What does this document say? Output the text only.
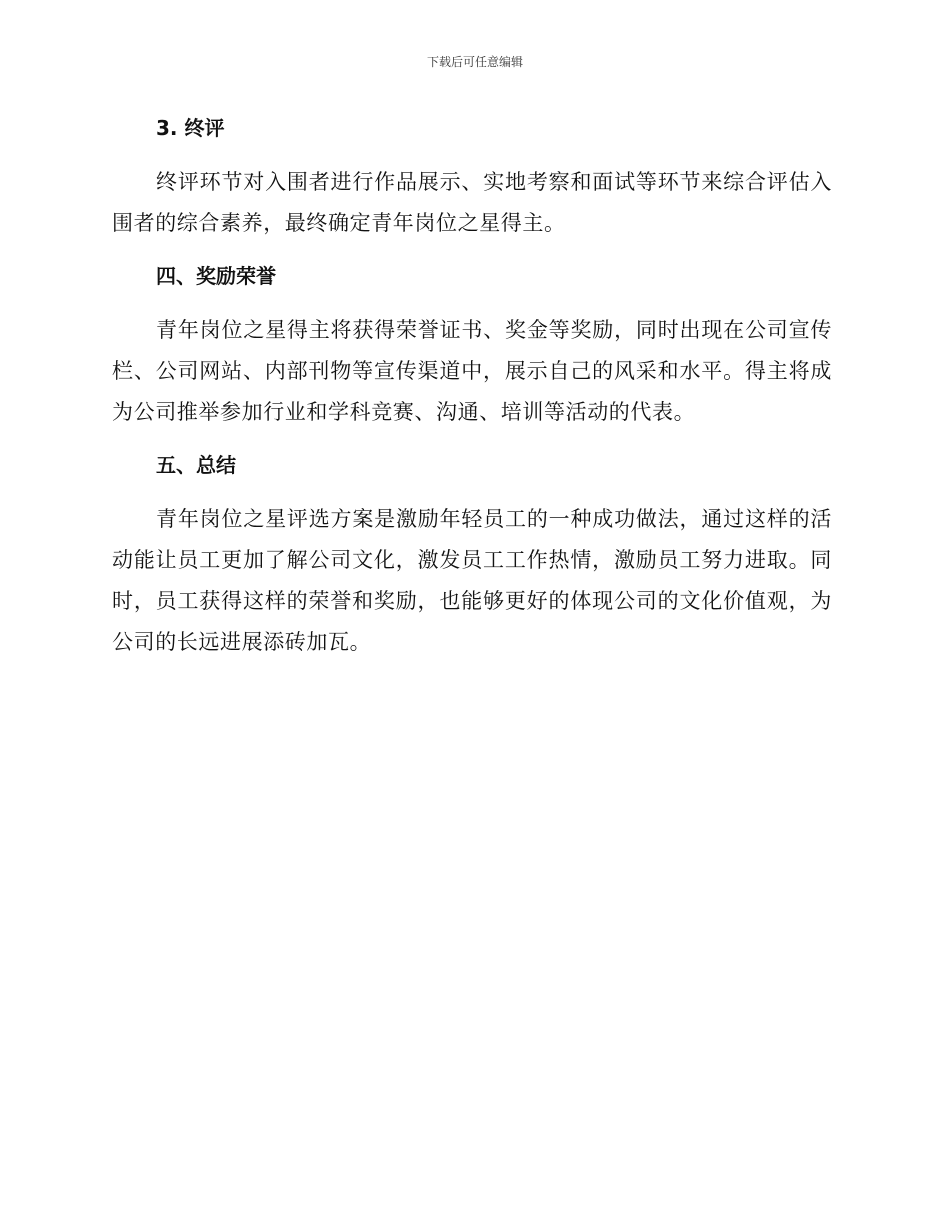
下载后可任意编辑
3. 终评

终评环节对入围者进行作品展示、实地考察和面试等环节来综合评估入围者的综合素养，最终确定青年岗位之星得主。

四、奖励荣誉

青年岗位之星得主将获得荣誉证书、奖金等奖励，同时出现在公司宣传栏、公司网站、内部刊物等宣传渠道中，展示自己的风采和水平。得主将成为公司推举参加行业和学科竞赛、沟通、培训等活动的代表。

五、总结

青年岗位之星评选方案是激励年轻员工的一种成功做法，通过这样的活动能让员工更加了解公司文化，激发员工工作热情，激励员工努力进取。同时，员工获得这样的荣誉和奖励，也能够更好的体现公司的文化价值观，为公司的长远进展添砖加瓦。
